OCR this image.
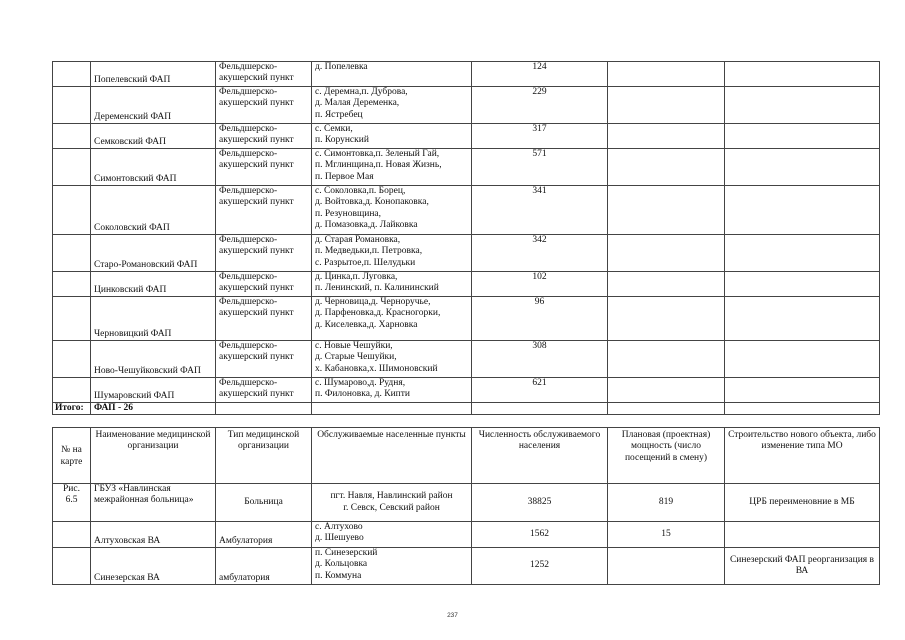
	Попелевский ФАП	Фельдшерско-акушерский пункт	д. Попелевка	124		
	Деременский ФАП	Фельдшерско-акушерский пункт	с. Деремна,п. Дуброва,
д. Малая Деременка,
п. Ястребец	229		
	Семковский ФАП	Фельдшерско-акушерский пункт	с. Семки,
п. Корунский	317		
	Симонтовский ФАП	Фельдшерско-акушерский пункт	с. Симонтовка,п. Зеленый Гай,
п. Мглинщина,п. Новая Жизнь,
п. Первое Мая	571		
	Соколовский ФАП	Фельдшерско-акушерский пункт	с. Соколовка,п. Борец,
д. Войтовка,д. Конопаковка,
п. Резуновщина,
д. Помазовка,д. Лайковка	341		
	Старо-Романовский ФАП	Фельдшерско-акушерский пункт	д. Старая Романовка,
п. Медведьки,п. Петровка,
с. Разрытое,п. Шелудьки	342		
	Цинковский ФАП	Фельдшерско-акушерский пункт	д. Цинка,п. Луговка,
п. Ленинский, п. Калининский	102		
	Черновицкий ФАП	Фельдшерско-акушерский пункт	д. Черновица,д. Черноручье,
д. Парфеновка,д. Красногорки,
д. Киселевка,д. Харновка	96		
	Ново-Чешуйковский ФАП	Фельдшерско-акушерский пункт	с. Новые Чешуйки,
д. Старые Чешуйки,
х. Кабановка,х. Шимоновский	308		
	Шумаровский ФАП	Фельдшерско-акушерский пункт	с. Шумарово,д. Рудня,
п. Филоновка, д. Кипти	621		
Итого:	ФАП - 26					
№ на карте	Наименование медицинской организации	Тип медицинской организации	Обслуживаемые населенные пункты	Численность обслуживаемого населения	Плановая (проектная) мощность (число посещений в смену)	Строительство нового объекта, либо изменение типа МО
Рис. 6.5	ГБУЗ «Навлинская межрайонная больница»	Больница	пгт. Навля, Навлинский район
г. Севск, Севский район	38825	819	ЦРБ переименовние в МБ
	Алтуховская ВА	Амбулатория	с. Алтухово
д. Шешуево	1562	15	
	Синезерская ВА	амбулатория	п. Синезерский
д. Кольцовка
п. Коммуна	1252		Синезерский ФАП реорганизация в ВА
237
